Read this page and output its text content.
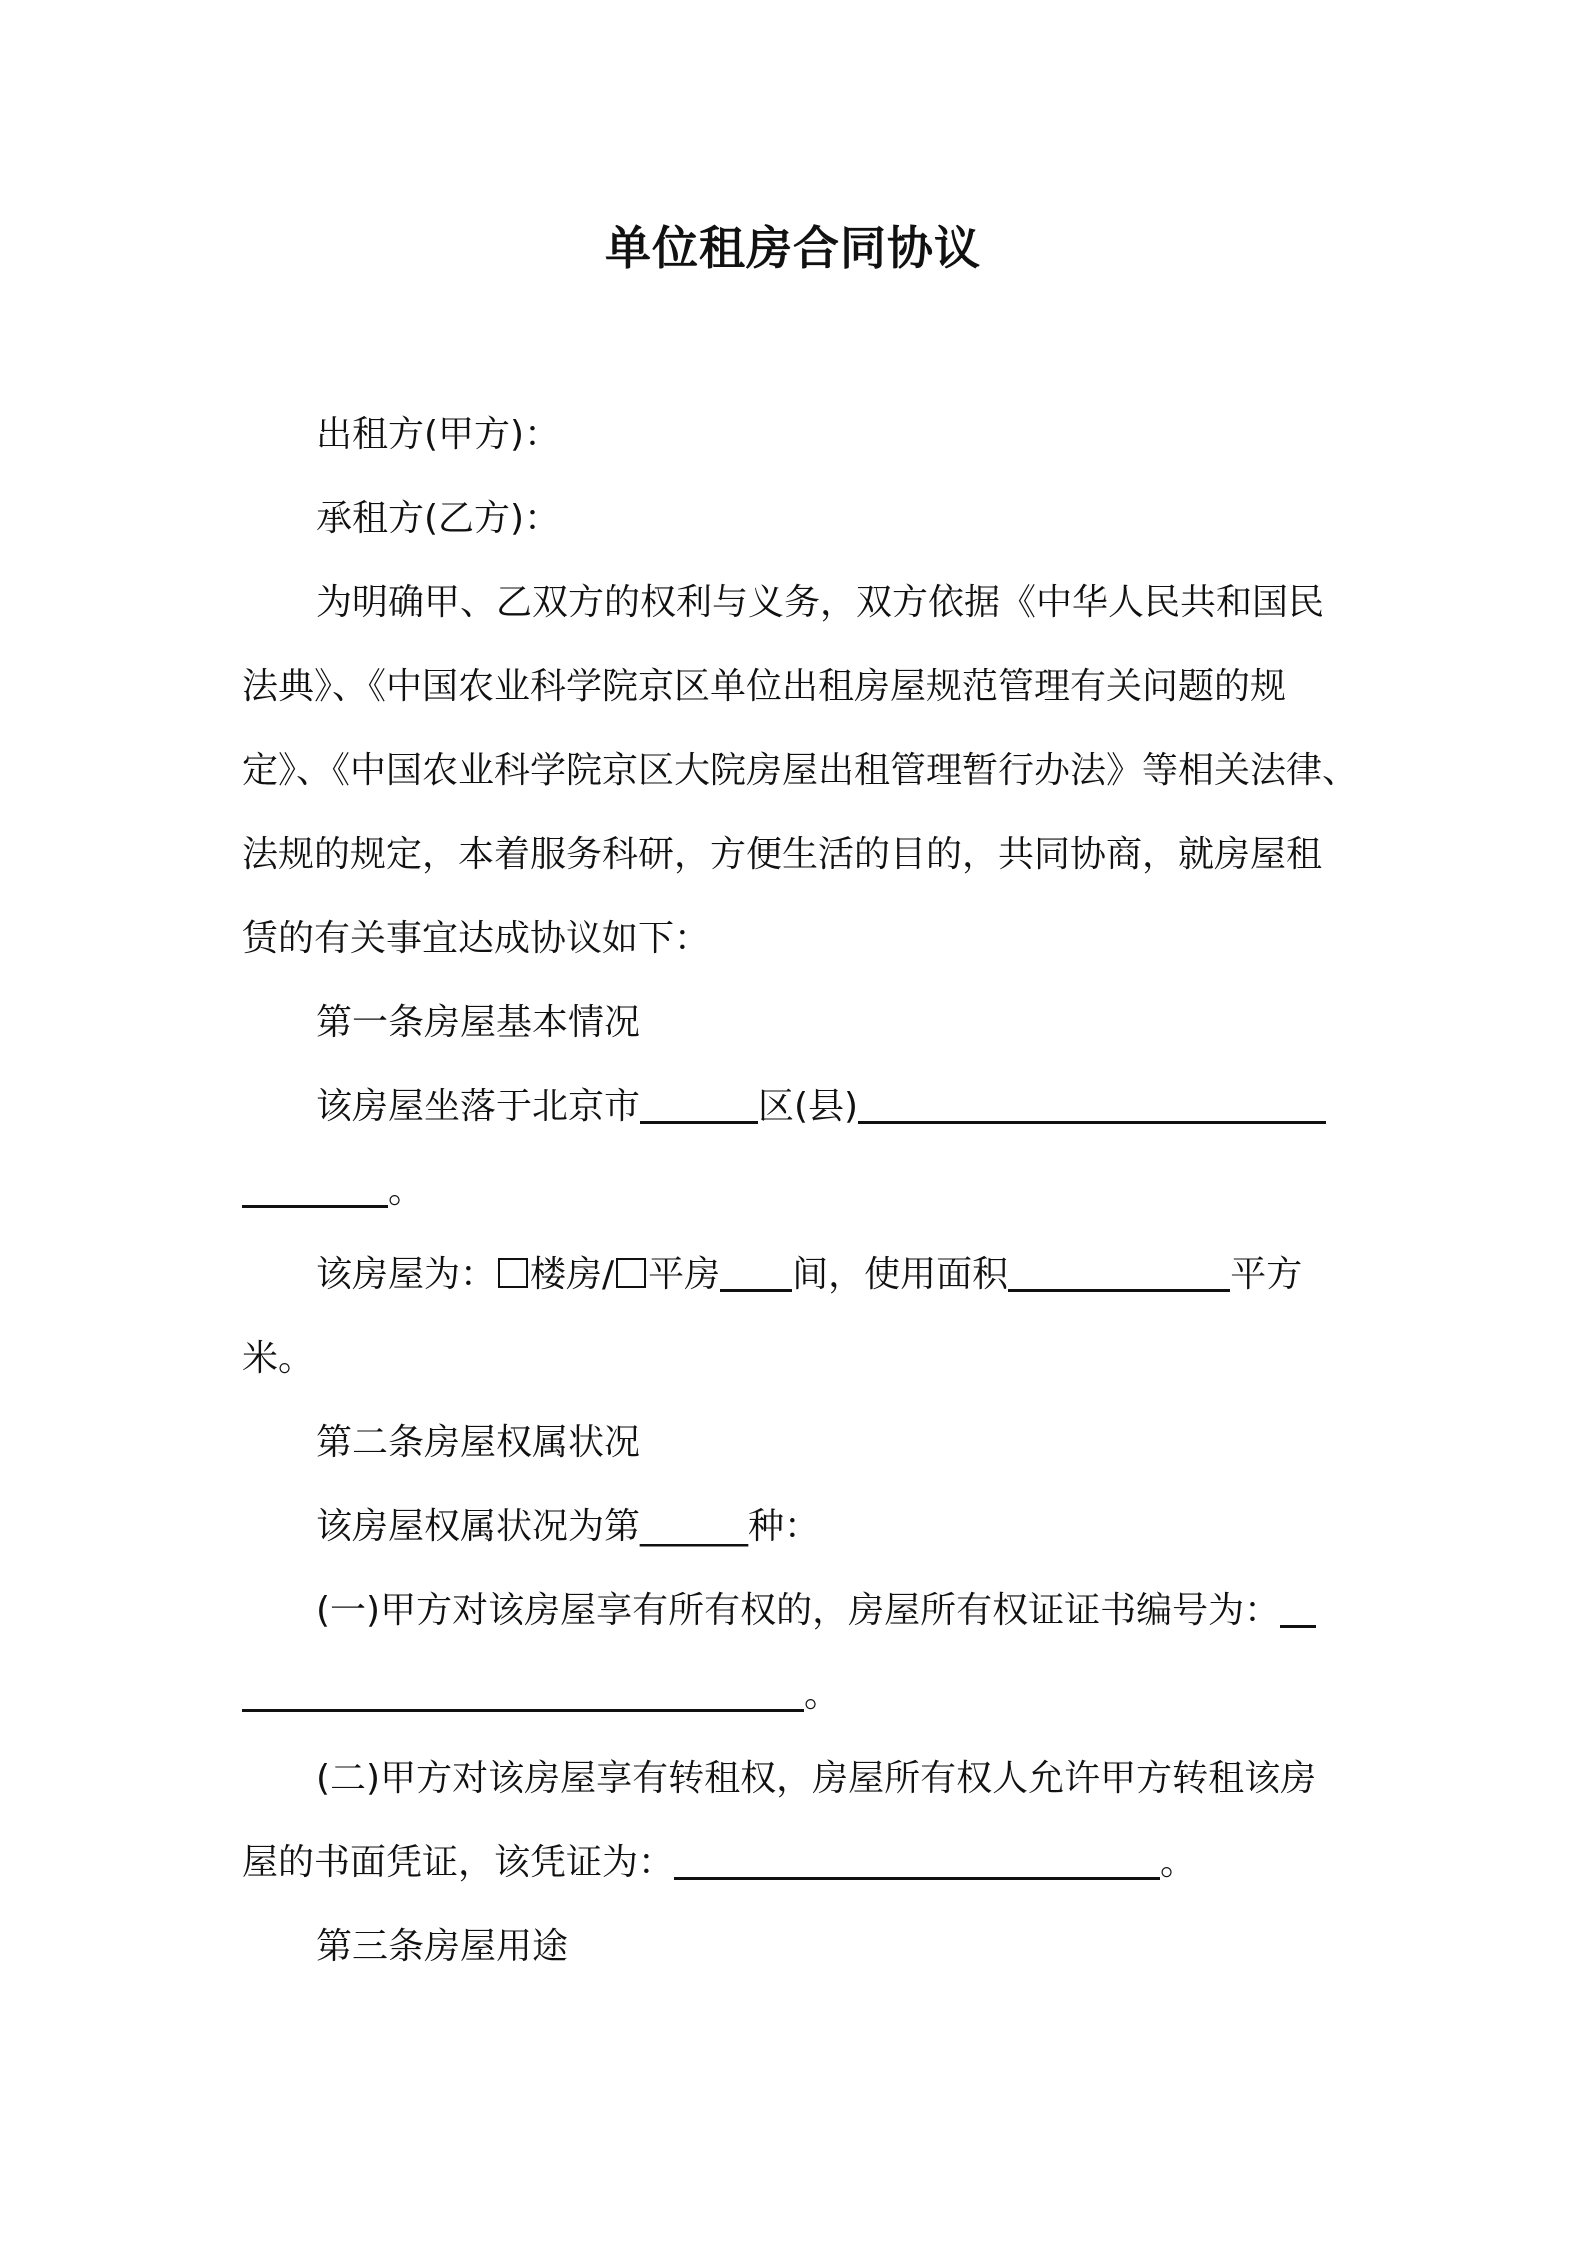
单位租房合同协议
出租方(甲方)：
承租方(乙方)：
为明确甲、乙双方的权利与义务，双方依据《中华人民共和国民
法典》、《中国农业科学院京区单位出租房屋规范管理有关问题的规
定》、《中国农业科学院京区大院房屋出租管理暂行办法》等相关法律、
法规的规定，本着服务科研，方便生活的目的，共同协商，就房屋租
赁的有关事宜达成协议如下：
第一条房屋基本情况
该房屋坐落于北京市	区(县)
。
该房屋为： 楼房/ 平房 间，使用面积	平方
米。
第二条房屋权属状况
该房屋权属状况为第______种：
(一)甲方对该房屋享有所有权的，房屋所有权证证书编号为：
。
(二)甲方对该房屋享有转租权，房屋所有权人允许甲方转租该房
屋的书面凭证，该凭证为：	。
第三条房屋用途
